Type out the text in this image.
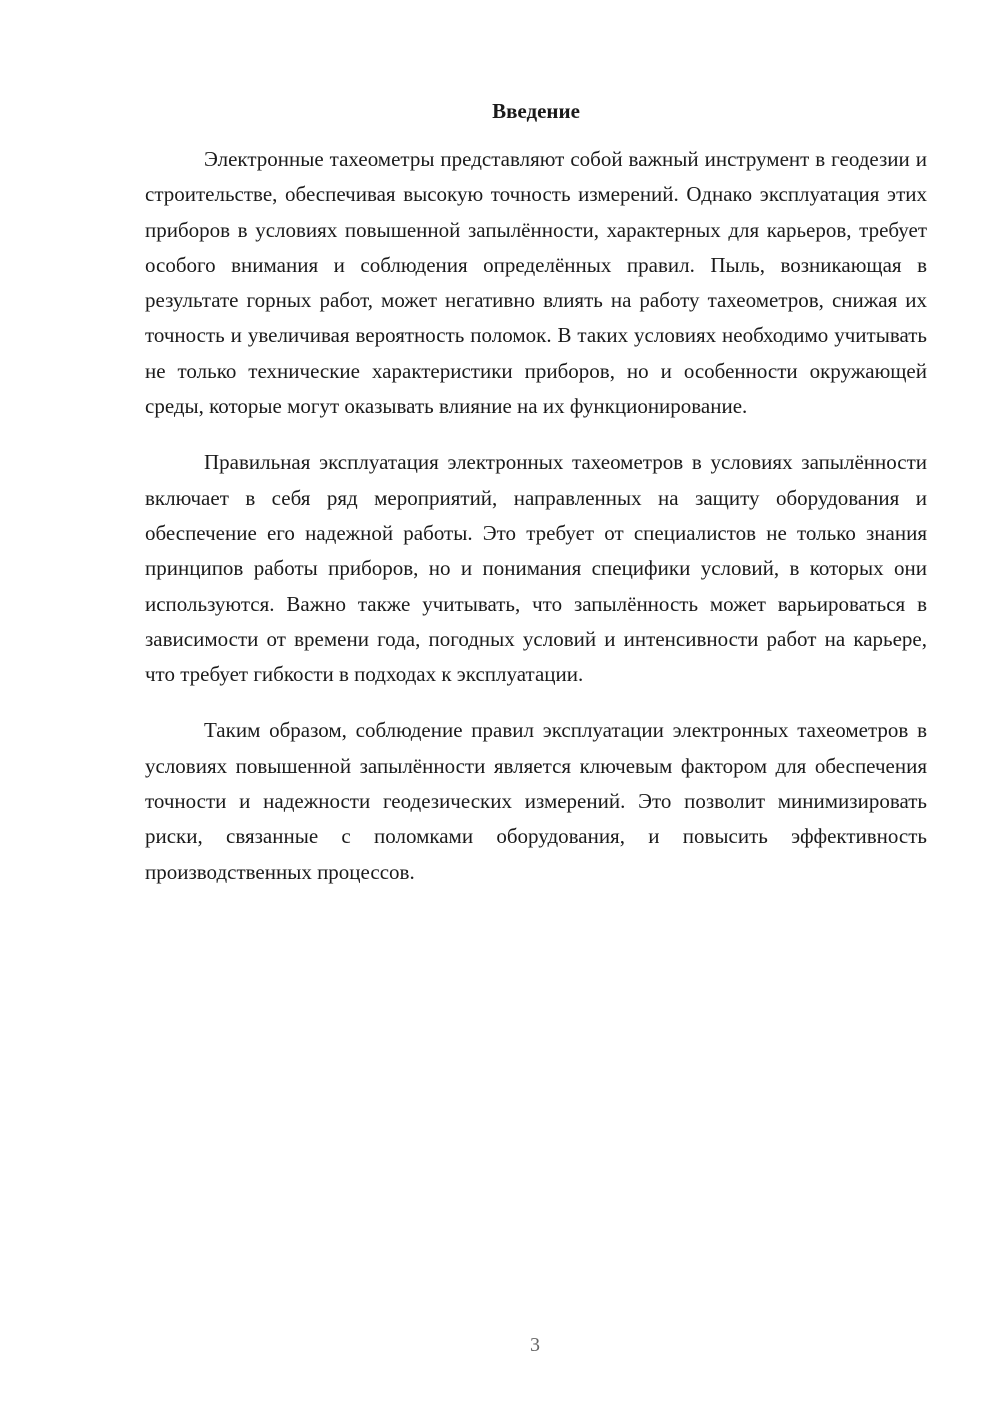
Введение

Электронные тахеометры представляют собой важный инструмент в геодезии и строительстве, обеспечивая высокую точность измерений. Однако эксплуатация этих приборов в условиях повышенной запылённости, характерных для карьеров, требует особого внимания и соблюдения определённых правил. Пыль, возникающая в результате горных работ, может негативно влиять на работу тахеометров, снижая их точность и увеличивая вероятность поломок. В таких условиях необходимо учитывать не только технические характеристики приборов, но и особенности окружающей среды, которые могут оказывать влияние на их функционирование.

Правильная эксплуатация электронных тахеометров в условиях запылённости включает в себя ряд мероприятий, направленных на защиту оборудования и обеспечение его надежной работы. Это требует от специалистов не только знания принципов работы приборов, но и понимания специфики условий, в которых они используются. Важно также учитывать, что запылённость может варьироваться в зависимости от времени года, погодных условий и интенсивности работ на карьере, что требует гибкости в подходах к эксплуатации.

Таким образом, соблюдение правил эксплуатации электронных тахеометров в условиях повышенной запылённости является ключевым фактором для обеспечения точности и надежности геодезических измерений. Это позволит минимизировать риски, связанные с поломками оборудования, и повысить эффективность производственных процессов.

3
